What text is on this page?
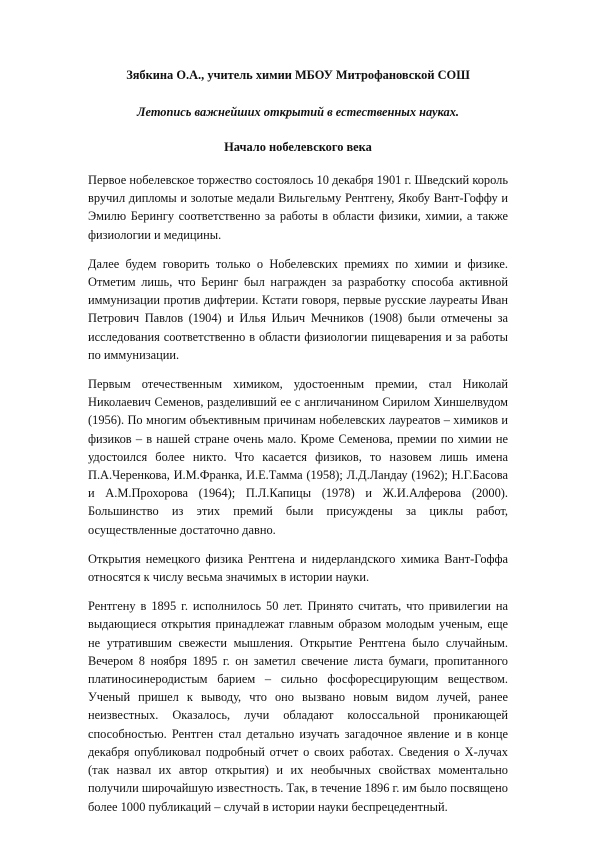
Зябкина О.А., учитель химии МБОУ Митрофановской СОШ

Летопись важнейших открытий в естественных науках.

Начало нобелевского века

Первое нобелевское торжество состоялось 10 декабря 1901 г. Шведский король вручил дипломы и золотые медали Вильгельму Рентгену, Якобу Вант-Гоффу и Эмилю Берингу соответственно за работы в области физики, химии, а также физиологии и медицины.

Далее будем говорить только о Нобелевских премиях по химии и физике. Отметим лишь, что Беринг был награжден за разработку способа активной иммунизации против дифтерии. Кстати говоря, первые русские лауреаты Иван Петрович Павлов (1904) и Илья Ильич Мечников (1908) были отмечены за исследования соответственно в области физиологии пищеварения и за работы по иммунизации.

Первым отечественным химиком, удостоенным премии, стал Николай Николаевич Семенов, разделивший ее с англичанином Сирилом Хиншелвудом (1956). По многим объективным причинам нобелевских лауреатов – химиков и физиков – в нашей стране очень мало. Кроме Семенова, премии по химии не удостоился более никто. Что касается физиков, то назовем лишь имена П.А.Черенкова, И.М.Франка, И.Е.Тамма (1958); Л.Д.Ландау (1962); Н.Г.Басова и А.М.Прохорова (1964); П.Л.Капицы (1978) и Ж.И.Алферова (2000). Большинство из этих премий были присуждены за циклы работ, осуществленные достаточно давно.

Открытия немецкого физика Рентгена и нидерландского химика Вант-Гоффа относятся к числу весьма значимых в истории науки.

Рентгену в 1895 г. исполнилось 50 лет. Принято считать, что привилегии на выдающиеся открытия принадлежат главным образом молодым ученым, еще не утратившим свежести мышления. Открытие Рентгена было случайным. Вечером 8 ноября 1895 г. он заметил свечение листа бумаги, пропитанного платиносинеродистым барием – сильно фосфоресцирующим веществом. Ученый пришел к выводу, что оно вызвано новым видом лучей, ранее неизвестных. Оказалось, лучи обладают колоссальной проникающей способностью. Рентген стал детально изучать загадочное явление и в конце декабря опубликовал подробный отчет о своих работах. Сведения о Х-лучах (так назвал их автор открытия) и их необычных свойствах моментально получили широчайшую известность. Так, в течение 1896 г. им было посвящено более 1000 публикаций – случай в истории науки беспрецедентный.
